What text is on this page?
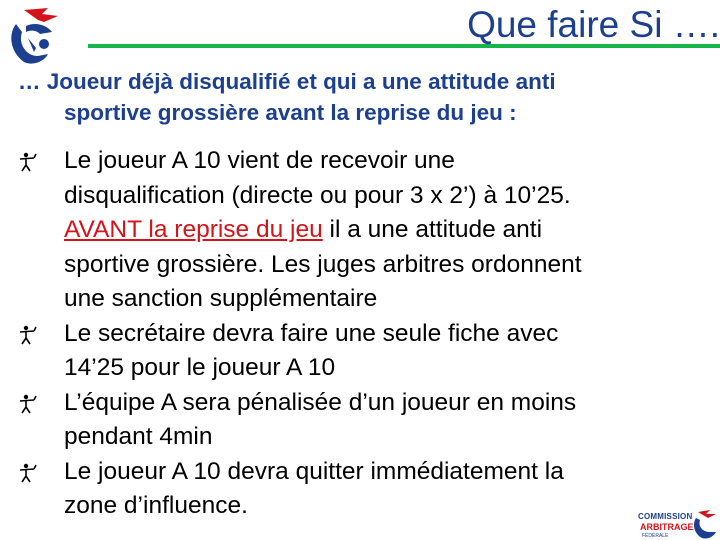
Que faire Si ….
… Joueur déjà disqualifié et qui a une attitude anti
sportive grossière avant la reprise du jeu :
Le joueur A 10 vient de recevoir une
disqualification (directe ou pour 3 x 2’) à 10’25.
AVANT la reprise du jeu il a une attitude anti
sportive grossière. Les juges arbitres ordonnent
une sanction supplémentaire
Le secrétaire devra faire une seule fiche avec
14’25 pour le joueur A 10
L’équipe A sera pénalisée d’un joueur en moins
pendant 4min
Le joueur A 10 devra quitter immédiatement la
zone d’influence.	COMMISSION
ARBITRAGE
FÉDÉRALE
